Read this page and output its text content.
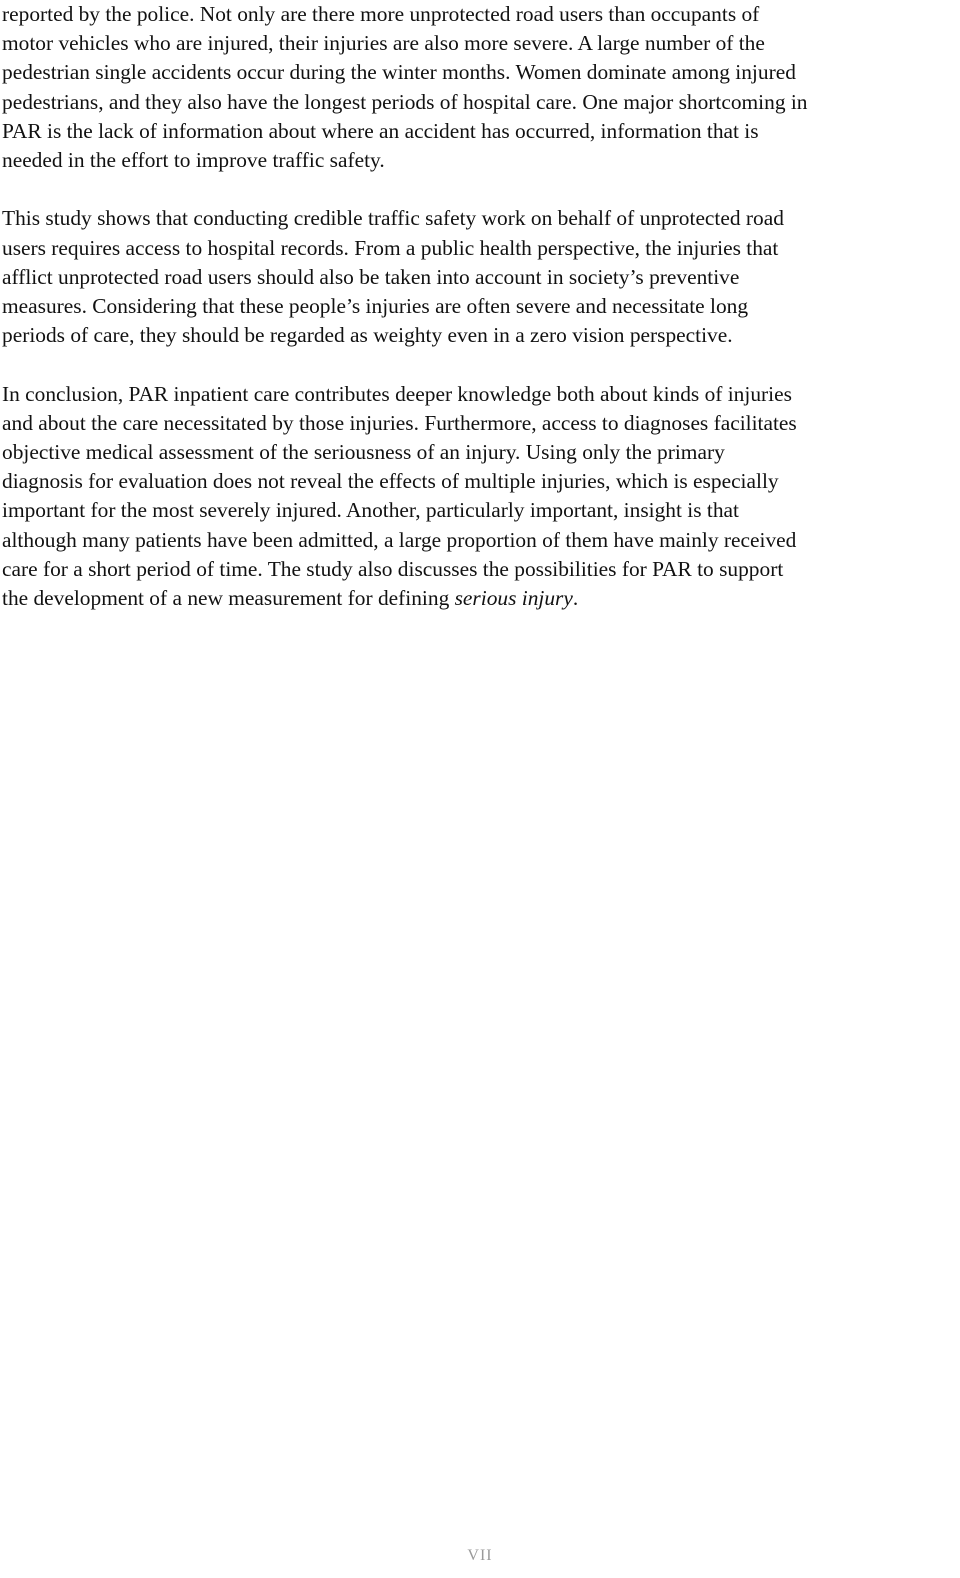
reported by the police. Not only are there more unprotected road users than occupants of
motor vehicles who are injured, their injuries are also more severe. A large number of the
pedestrian single accidents occur during the winter months. Women dominate among injured
pedestrians, and they also have the longest periods of hospital care. One major shortcoming in
PAR is the lack of information about where an accident has occurred, information that is
needed in the effort to improve traffic safety.

This study shows that conducting credible traffic safety work on behalf of unprotected road
users requires access to hospital records. From a public health perspective, the injuries that
afflict unprotected road users should also be taken into account in society’s preventive
measures. Considering that these people’s injuries are often severe and necessitate long
periods of care, they should be regarded as weighty even in a zero vision perspective.

In conclusion, PAR inpatient care contributes deeper knowledge both about kinds of injuries
and about the care necessitated by those injuries. Furthermore, access to diagnoses facilitates
objective medical assessment of the seriousness of an injury. Using only the primary
diagnosis for evaluation does not reveal the effects of multiple injuries, which is especially
important for the most severely injured. Another, particularly important, insight is that
although many patients have been admitted, a large proportion of them have mainly received
care for a short period of time. The study also discusses the possibilities for PAR to support
the development of a new measurement for defining serious injury.

VII
